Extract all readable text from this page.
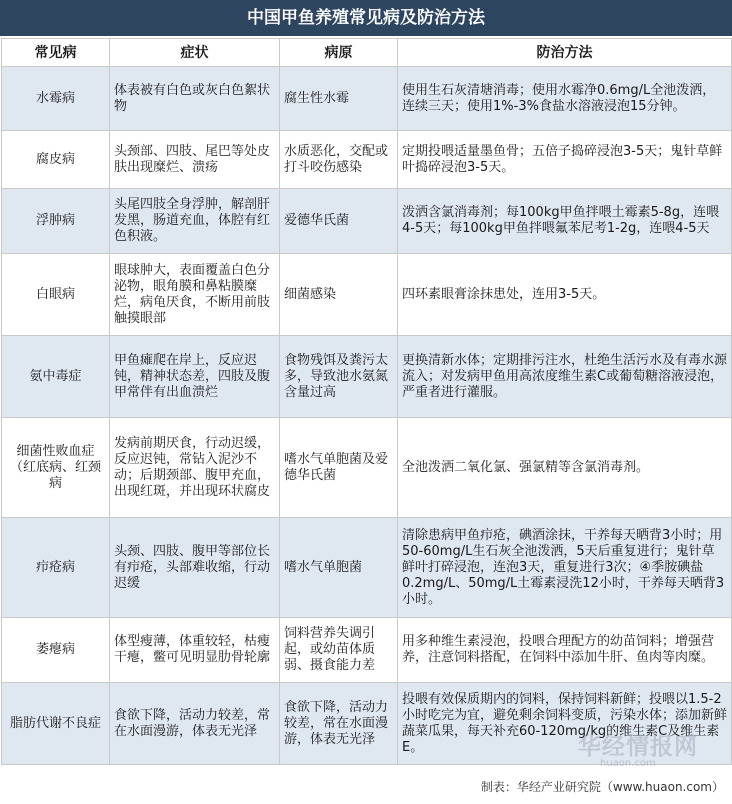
中国甲鱼养殖常见病及防治方法
常见病	症状	病原	防治方法
水霉病	体表被有白色或灰白色絮状物	腐生性水霉	使用生石灰清塘消毒；使用水霉净0.6mg/L全池泼洒，连续三天；使用1%-3%食盐水溶液浸泡15分钟。
腐皮病	头颈部、四肢、尾巴等处皮肤出现糜烂、溃疡	水质恶化，交配或打斗咬伤感染	定期投喂适量墨鱼骨；五倍子捣碎浸泡3-5天；鬼针草鲜叶捣碎浸泡3-5天。
浮肿病	头尾四肢全身浮肿，解剖肝发黑，肠道充血，体腔有红色积液。	爱德华氏菌	泼洒含氯消毒剂；每100kg甲鱼拌喂土霉素5-8g，连喂4-5天；每100kg甲鱼拌喂氟苯尼考1-2g，连喂4-5天
白眼病	眼球肿大，表面覆盖白色分泌物，眼角膜和鼻粘膜糜烂，病龟厌食，不断用前肢触摸眼部	细菌感染	四环素眼膏涂抹患处，连用3-5天。
氨中毒症	甲鱼瘫爬在岸上，反应迟钝，精神状态差，四肢及腹甲常伴有出血溃烂	食物残饵及粪污太多，导致池水氨氮含量过高	更换清新水体；定期排污注水，杜绝生活污水及有毒水源流入；对发病甲鱼用高浓度维生素C或葡萄糖溶液浸泡，严重者进行灌服。
细菌性败血症（红底病、红颈病	发病前期厌食，行动迟缓，反应迟钝，常钻入泥沙不动；后期颈部、腹甲充血，出现红斑，并出现环状腐皮	嗜水气单胞菌及爱德华氏菌	全池泼洒二氧化氯、强氯精等含氯消毒剂。
疖疮病	头颈、四肢、腹甲等部位长有疖疮，头部难收缩，行动迟缓	嗜水气单胞菌	清除患病甲鱼疖疮，碘酒涂抹，干养每天晒背3小时；用50-60mg/L生石灰全池泼洒，5天后重复进行；鬼针草鲜叶打碎浸泡，连泡3天，重复进行3次；④季胺碘盐0.2mg/L、50mg/L土霉素浸洗12小时，干养每天晒背3小时。
萎瘪病	体型瘦薄，体重较轻，枯瘦干瘪，鳖可见明显肋骨轮廓	饲料营养失调引起，或幼苗体质弱、摄食能力差	用多种维生素浸泡，投喂合理配方的幼苗饲料；增强营养，注意饲料搭配，在饲料中添加牛肝、鱼肉等肉糜。
脂肪代谢不良症	食欲下降，活动力较差，常在水面漫游，体表无光泽	食欲下降，活动力较差，常在水面漫游，体表无光泽	投喂有效保质期内的饲料，保持饲料新鲜；投喂以1.5-2小时吃完为宜，避免剩余饲料变质，污染水体；添加新鲜蔬菜瓜果，每天补充60-120mg/kg的维生素C及维生素E。	华经情报网
huaon.com
制表：华经产业研究院（www.huaon.com）
